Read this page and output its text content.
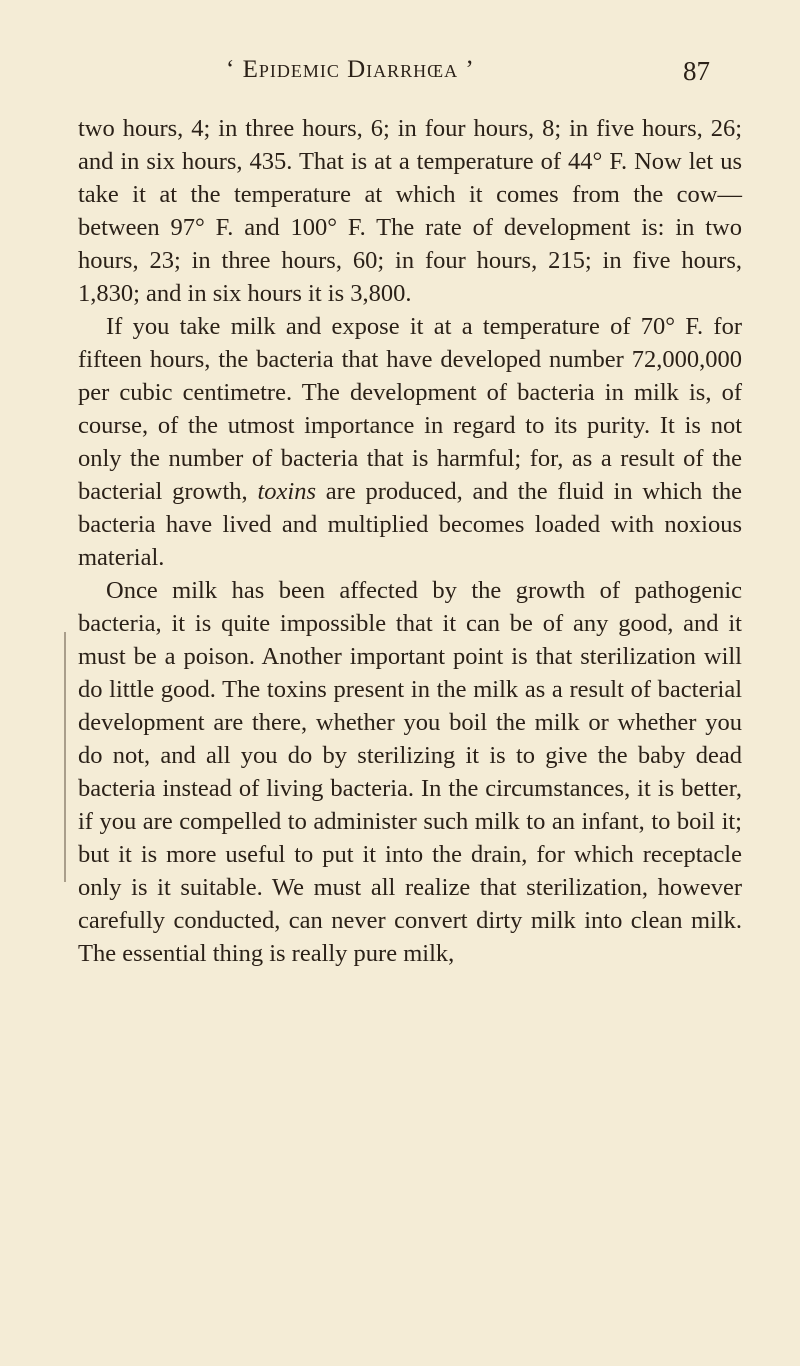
‘ Epidemic Diarrhœa ’	87

two hours, 4; in three hours, 6; in four hours, 8; in five hours, 26; and in six hours, 435. That is at a temperature of 44° F. Now let us take it at the temperature at which it comes from the cow— between 97° F. and 100° F. The rate of development is: in two hours, 23; in three hours, 60; in four hours, 215; in five hours, 1,830; and in six hours it is 3,800.

If you take milk and expose it at a temperature of 70° F. for fifteen hours, the bacteria that have developed number 72,000,000 per cubic centimetre. The development of bacteria in milk is, of course, of the utmost importance in regard to its purity. It is not only the number of bacteria that is harmful; for, as a result of the bacterial growth, toxins are produced, and the fluid in which the bacteria have lived and multiplied becomes loaded with noxious material.

Once milk has been affected by the growth of pathogenic bacteria, it is quite impossible that it can be of any good, and it must be a poison. Another important point is that sterilization will do little good. The toxins present in the milk as a result of bacterial development are there, whether you boil the milk or whether you do not, and all you do by sterilizing it is to give the baby dead bacteria instead of living bacteria. In the circumstances, it is better, if you are compelled to administer such milk to an infant, to boil it; but it is more useful to put it into the drain, for which receptacle only is it suitable. We must all realize that sterilization, however carefully conducted, can never convert dirty milk into clean milk. The essential thing is really pure milk,
